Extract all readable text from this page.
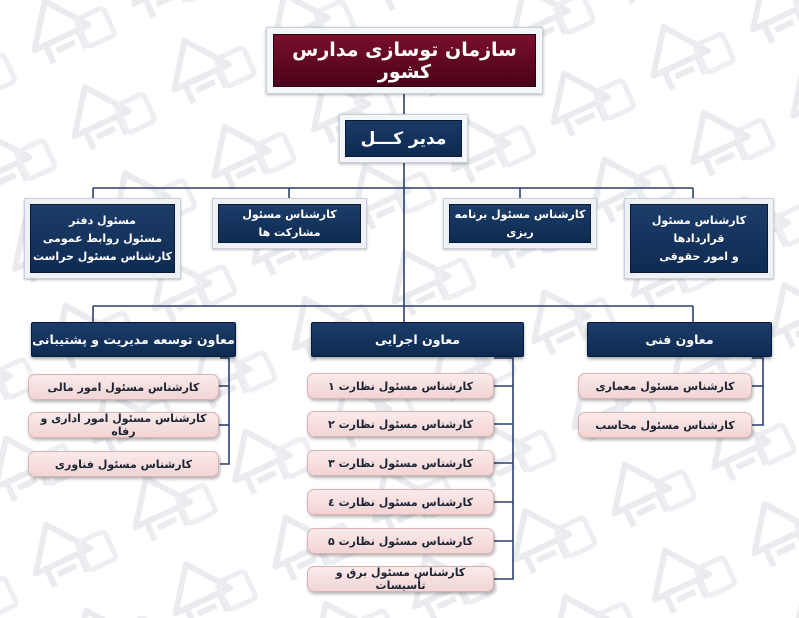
سازمان توسازی مدارس کشور
مدیر کـــل
مسئول دفتر
مسئول روابط عمومی
کارشناس مسئول حراست
کارشناس مسئول مشارکت ها
کارشناس مسئول برنامه ریزی
کارشناس مسئول قراردادها
و امور حقوقی
معاون توسعه مدیریت و پشتیبانی	معاون اجرایی	معاون فنی
کارشناس مسئول امور مالی
کارشناس مسئول امور اداری و رفاه
کارشناس مسئول فناوری
کارشناس مسئول نظارت ۱
کارشناس مسئول نظارت ۲
کارشناس مسئول نظارت ۳
کارشناس مسئول نظارت ٤
کارشناس مسئول نظارت ۵
کارشناس مسئول برق و تأسیسات
کارشناس مسئول معماری
کارشناس مسئول محاسب
